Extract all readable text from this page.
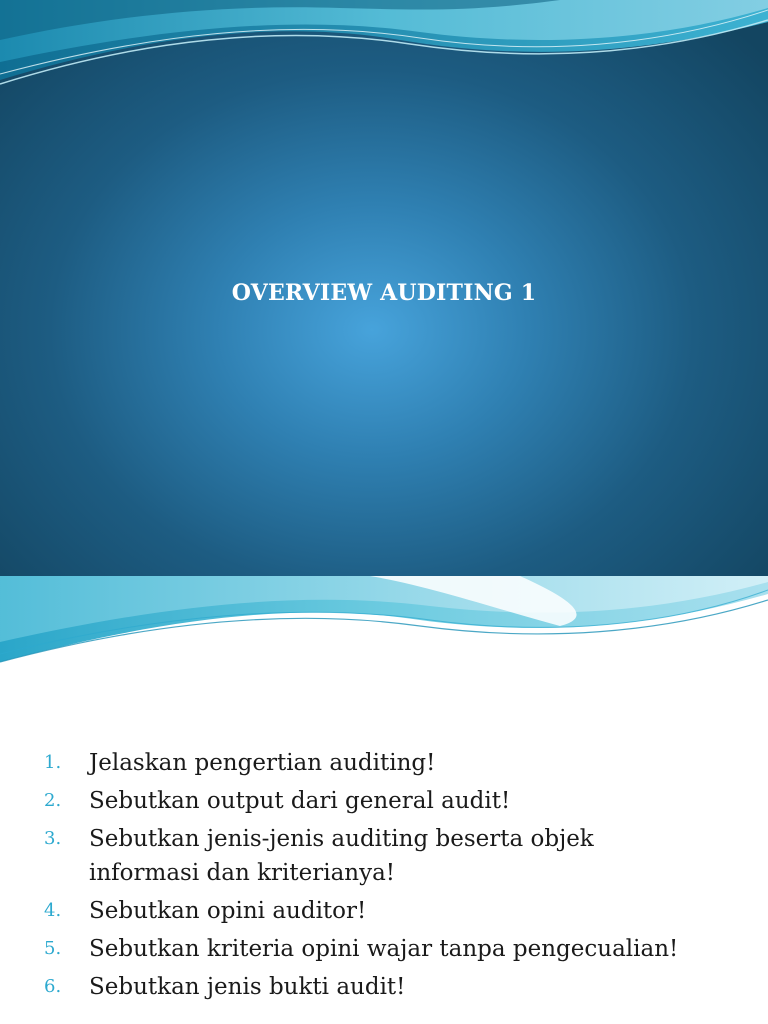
OVERVIEW AUDITING 1
1. Jelaskan pengertian auditing!
2. Sebutkan output dari general audit!
3. Sebutkan jenis-jenis auditing beserta objek informasi dan kriterianya!
4. Sebutkan opini auditor!
5. Sebutkan kriteria opini wajar tanpa pengecualian!
6. Sebutkan jenis bukti audit!
